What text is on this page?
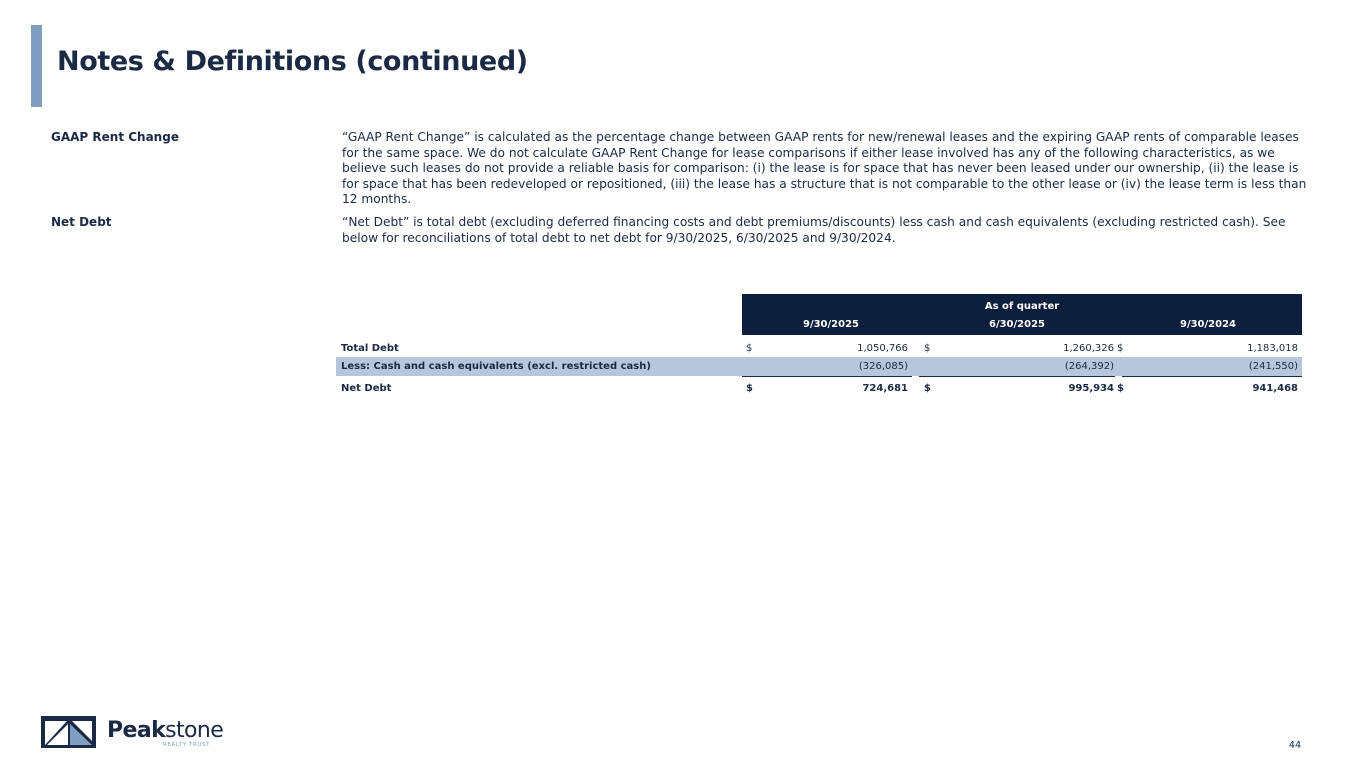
Notes & Definitions (continued)
GAAP Rent Change	“GAAP Rent Change” is calculated as the percentage change between GAAP rents for new/renewal leases and the expiring GAAP rents of comparable leases for the same space. We do not calculate GAAP Rent Change for lease comparisons if either lease involved has any of the following characteristics, as we believe such leases do not provide a reliable basis for comparison: (i) the lease is for space that has never been leased under our ownership, (ii) the lease is for space that has been redeveloped or repositioned, (iii) the lease has a structure that is not comparable to the other lease or (iv) the lease term is less than 12 months.
Net Debt	“Net Debt” is total debt (excluding deferred financing costs and debt premiums/discounts) less cash and cash equivalents (excluding restricted cash). See below for reconciliations of total debt to net debt for 9/30/2025, 6/30/2025 and 9/30/2024.
As of quarter
9/30/2025	6/30/2025	9/30/2024
Total Debt	$	1,050,766 $	1,260,326 $	1,183,018
Less: Cash and cash equivalents (excl. restricted cash)	(326,085)	(264,392)	(241,550)
Net Debt	$	724,681 $	995,934 $	941,468
Peakstone
REALTY TRUST	44
